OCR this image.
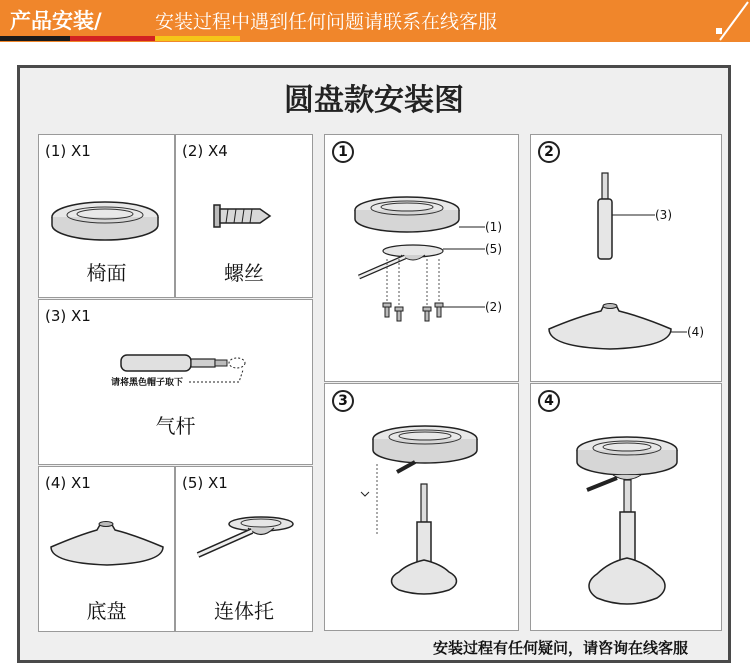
产品安装/	安装过程中遇到任何问题请联系在线客服
圆盘款安装图
(1) X1
椅面
(2) X4
螺丝
(3) X1
请将黑色帽子取下
气杆
(4) X1
底盘
(5) X1
连体托
1
(1)
(5)
(2)
2
(3)
(4)
3	4
安装过程有任何疑问，请咨询在线客服
